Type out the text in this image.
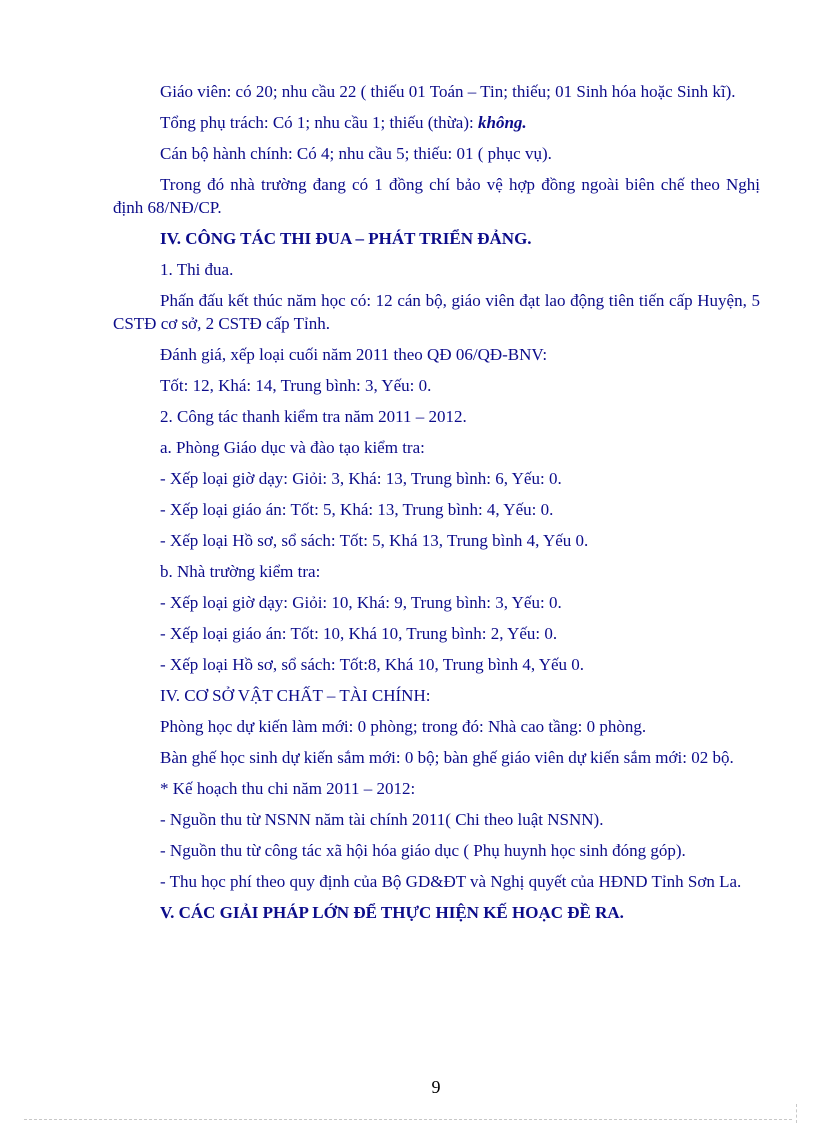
Giáo viên: có 20; nhu cầu 22 ( thiếu 01 Toán – Tin; thiếu; 01 Sinh hóa hoặc Sinh kĩ).

Tổng phụ trách: Có 1; nhu cầu 1; thiếu (thừa): không.

Cán bộ hành chính: Có 4; nhu cầu 5; thiếu: 01 ( phục vụ).

Trong đó nhà trường đang có 1 đồng chí bảo vệ hợp đồng ngoài biên chế theo Nghị định 68/NĐ/CP.

IV. CÔNG TÁC THI ĐUA – PHÁT TRIỂN ĐẢNG.

1. Thi đua.

Phấn đấu kết thúc năm học có: 12 cán bộ, giáo viên đạt lao động tiên tiến cấp Huyện, 5 CSTĐ cơ sở, 2 CSTĐ cấp Tỉnh.

Đánh giá, xếp loại cuối năm 2011 theo QĐ 06/QĐ-BNV:

Tốt: 12, Khá: 14, Trung bình: 3, Yếu: 0.

2. Công tác thanh kiểm tra năm 2011 – 2012.

a. Phòng Giáo dục và đào tạo kiểm tra:

- Xếp loại giờ dạy: Giỏi: 3, Khá: 13, Trung bình: 6, Yếu: 0.

- Xếp loại giáo án: Tốt: 5, Khá: 13, Trung bình: 4, Yếu: 0.

- Xếp loại Hồ sơ, sổ sách: Tốt: 5, Khá 13, Trung bình 4, Yếu 0.

b. Nhà trường kiểm tra:

- Xếp loại giờ dạy: Giỏi: 10, Khá: 9, Trung bình: 3, Yếu: 0.

- Xếp loại giáo án: Tốt: 10, Khá 10, Trung bình: 2, Yếu: 0.

- Xếp loại Hồ sơ, sổ sách: Tốt:8, Khá 10, Trung bình 4, Yếu 0.

IV. CƠ SỞ VẬT CHẤT – TÀI CHÍNH:

Phòng học dự kiến làm mới: 0 phòng; trong đó: Nhà cao tầng: 0 phòng.

Bàn ghế học sinh dự kiến sắm mới: 0 bộ; bàn ghế giáo viên dự kiến sắm mới: 02 bộ.

* Kế hoạch thu chi năm 2011 – 2012:

- Nguồn thu từ NSNN năm tài chính 2011( Chi theo luật NSNN).

- Nguồn thu từ công tác xã hội hóa giáo dục ( Phụ huynh học sinh đóng góp).

- Thu học phí theo quy định của Bộ GD&ĐT và Nghị quyết của HĐND Tỉnh Sơn La.

V. CÁC GIẢI PHÁP LỚN ĐỂ THỰC HIỆN KẾ HOẠC ĐỀ RA.

9
